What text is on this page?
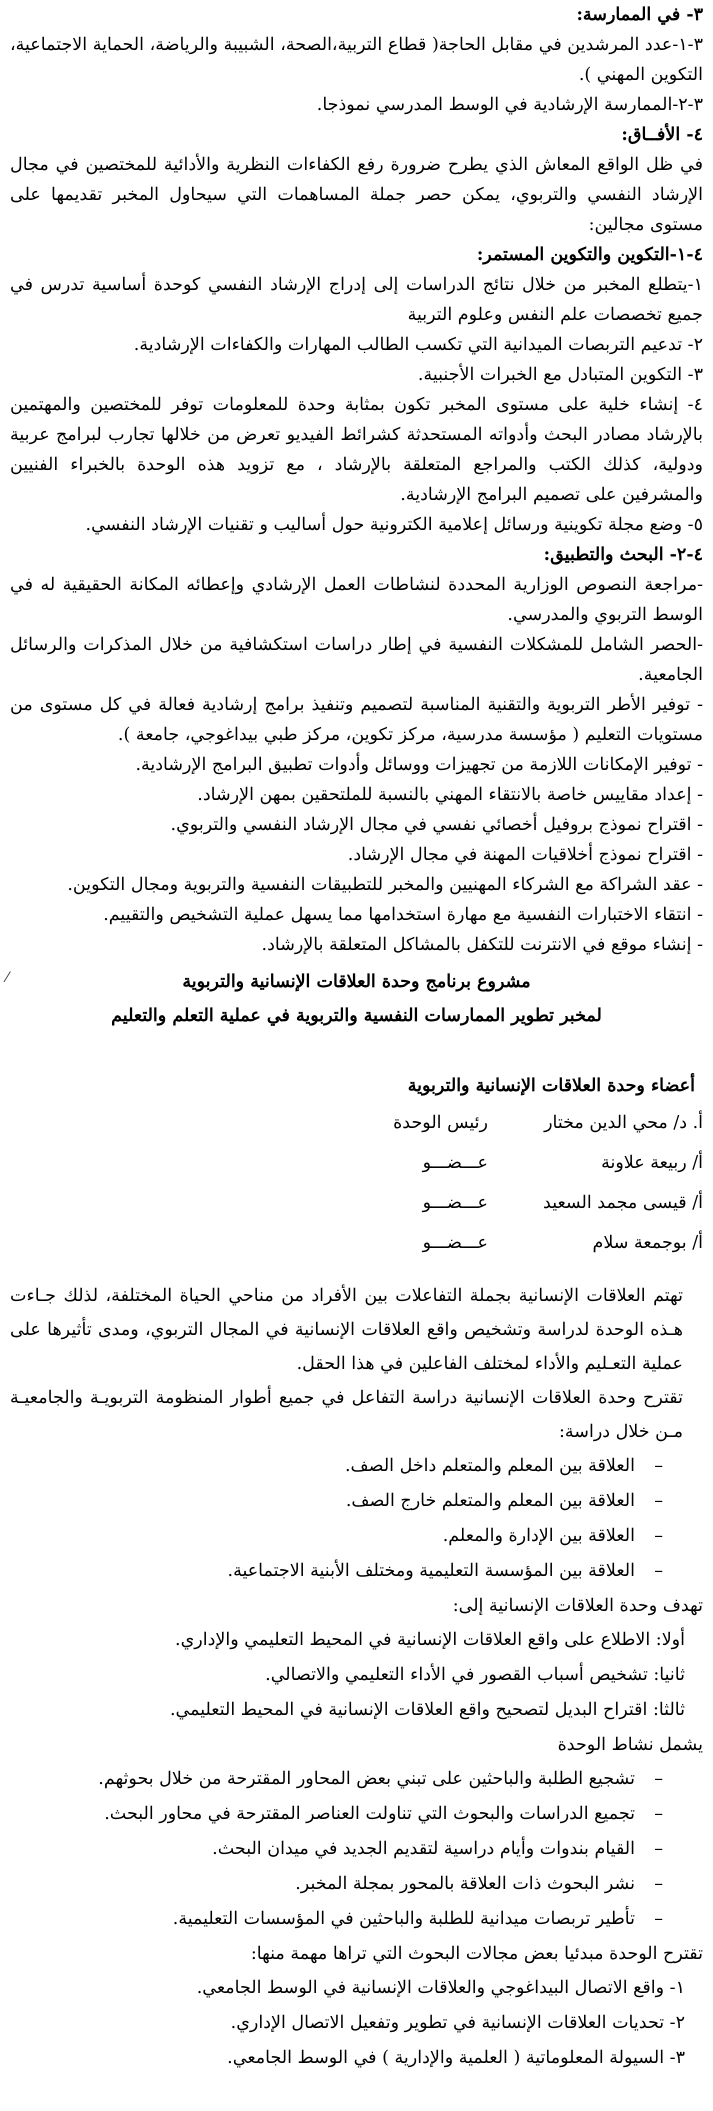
٣- في الممارسة:

٣-١-عدد المرشدين في مقابل الحاجة( قطاع التربية،الصحة، الشبيبة والرياضة، الحماية الاجتماعية، التكوين المهني ).

٣-٢-الممارسة الإرشادية في الوسط المدرسي نموذجا.

٤- الأفــاق:

في ظل الواقع المعاش الذي يطرح ضرورة رفع الكفاءات النظرية والأدائية للمختصين في مجال الإرشاد النفسي والتربوي، يمكن حصر جملة المساهمات التي سيحاول المخبر تقديمها على مستوى مجالين:

٤-١-التكوين والتكوين المستمر:

١-يتطلع المخبر من خلال نتائج الدراسات إلى إدراج الإرشاد النفسي كوحدة أساسية تدرس في جميع تخصصات علم النفس وعلوم التربية

٢- تدعيم التربصات الميدانية التي تكسب الطالب المهارات والكفاءات الإرشادية.

٣- التكوين المتبادل مع الخبرات الأجنبية.

٤- إنشاء خلية على مستوى المخبر تكون بمثابة وحدة للمعلومات توفر للمختصين والمهتمين بالإرشاد مصادر البحث وأدواته المستحدثة كشرائط الفيديو تعرض من خلالها تجارب لبرامج عربية ودولية، كذلك الكتب والمراجع المتعلقة بالإرشاد ، مع تزويد هذه الوحدة بالخبراء الفنيين والمشرفين على تصميم البرامج الإرشادية.

٥- وضع مجلة تكوينية ورسائل إعلامية الكترونية حول أساليب و تقنيات الإرشاد النفسي.

٤-٢- البحث والتطبيق:

-مراجعة النصوص الوزارية المحددة لنشاطات العمل الإرشادي وإعطائه المكانة الحقيقية له في الوسط التربوي والمدرسي.

-الحصر الشامل للمشكلات النفسية في إطار دراسات استكشافية من خلال المذكرات والرسائل الجامعية.

- توفير الأطر التربوية والتقنية المناسبة لتصميم وتنفيذ برامج إرشادية فعالة في كل مستوى من مستويات التعليم ( مؤسسة مدرسية، مركز تكوين، مركز طبي بيداغوجي، جامعة ).

- توفير الإمكانات اللازمة من تجهيزات ووسائل وأدوات تطبيق البرامج الإرشادية.

- إعداد مقاييس خاصة بالانتقاء المهني بالنسبة للملتحقين بمهن الإرشاد.

- اقتراح نموذج بروفيل أخصائي نفسي في مجال الإرشاد النفسي والتربوي.

- اقتراح نموذج أخلاقيات المهنة في مجال الإرشاد.

- عقد الشراكة مع الشركاء المهنيين والمخبر للتطبيقات النفسية والتربوية ومجال التكوين.

- انتقاء الاختبارات النفسية مع مهارة استخدامها مما يسهل عملية التشخيص والتقييم.

- إنشاء موقع في الانترنت للتكفل بالمشاكل المتعلقة بالإرشاد.

⁄	مشروع برنامج وحدة العلاقات الإنسانية والتربوية

لمخبر تطوير الممارسات النفسية والتربوية في عملية التعلم والتعليم

أعضاء وحدة العلاقات الإنسانية والتربوية

أ. د/ محي الدين مختار
رئيس الوحدة
أ/ ربيعة علاونة
عـــضـــو
أ/ قيسى مجمد السعيد
عـــضـــو
أ/ بوجمعة سلام
عـــضـــو

تهتم العلاقات الإنسانية بجملة التفاعلات بين الأفراد من مناحي الحياة المختلفة، لذلك جـاءت هـذه الوحدة لدراسة وتشخيص واقع العلاقات الإنسانية في المجال التربوي، ومدى تأثيرها على عملية التعـليم والأداء لمختلف الفاعلين في هذا الحقل.

تقترح وحدة العلاقات الإنسانية دراسة التفاعل في جميع أطوار المنظومة التربويـة والجامعيـة مـن خلال دراسة:

–
العلاقة بين المعلم والمتعلم داخل الصف.
–
العلاقة بين المعلم والمتعلم خارج الصف.
–
العلاقة بين الإدارة والمعلم.
–
العلاقة بين المؤسسة التعليمية ومختلف الأبنية الاجتماعية.

تهدف وحدة العلاقات الإنسانية إلى:

أولا: الاطلاع على واقع العلاقات الإنسانية في المحيط التعليمي والإداري.

ثانيا: تشخيص أسباب القصور في الأداء التعليمي والاتصالي.

ثالثا: اقتراح البديل لتصحيح واقع العلاقات الإنسانية في المحيط التعليمي.

يشمل نشاط الوحدة

–
تشجيع الطلبة والباحثين على تبني بعض المحاور المقترحة من خلال بحوثهم.
–
تجميع الدراسات والبحوث التي تناولت العناصر المقترحة في محاور البحث.
–
القيام بندوات وأيام دراسية لتقديم الجديد في ميدان البحث.
–
نشر البحوث ذات العلاقة بالمحور بمجلة المخبر.
–
تأطير تربصات ميدانية للطلبة والباحثين في المؤسسات التعليمية.

تقترح الوحدة مبدئيا بعض مجالات البحوث التي تراها مهمة منها:

١- واقع الاتصال البيداغوجي والعلاقات الإنسانية في الوسط الجامعي.

٢- تحديات العلاقات الإنسانية في تطوير وتفعيل الاتصال الإداري.

٣- السيولة المعلوماتية ( العلمية والإدارية ) في الوسط الجامعي.
